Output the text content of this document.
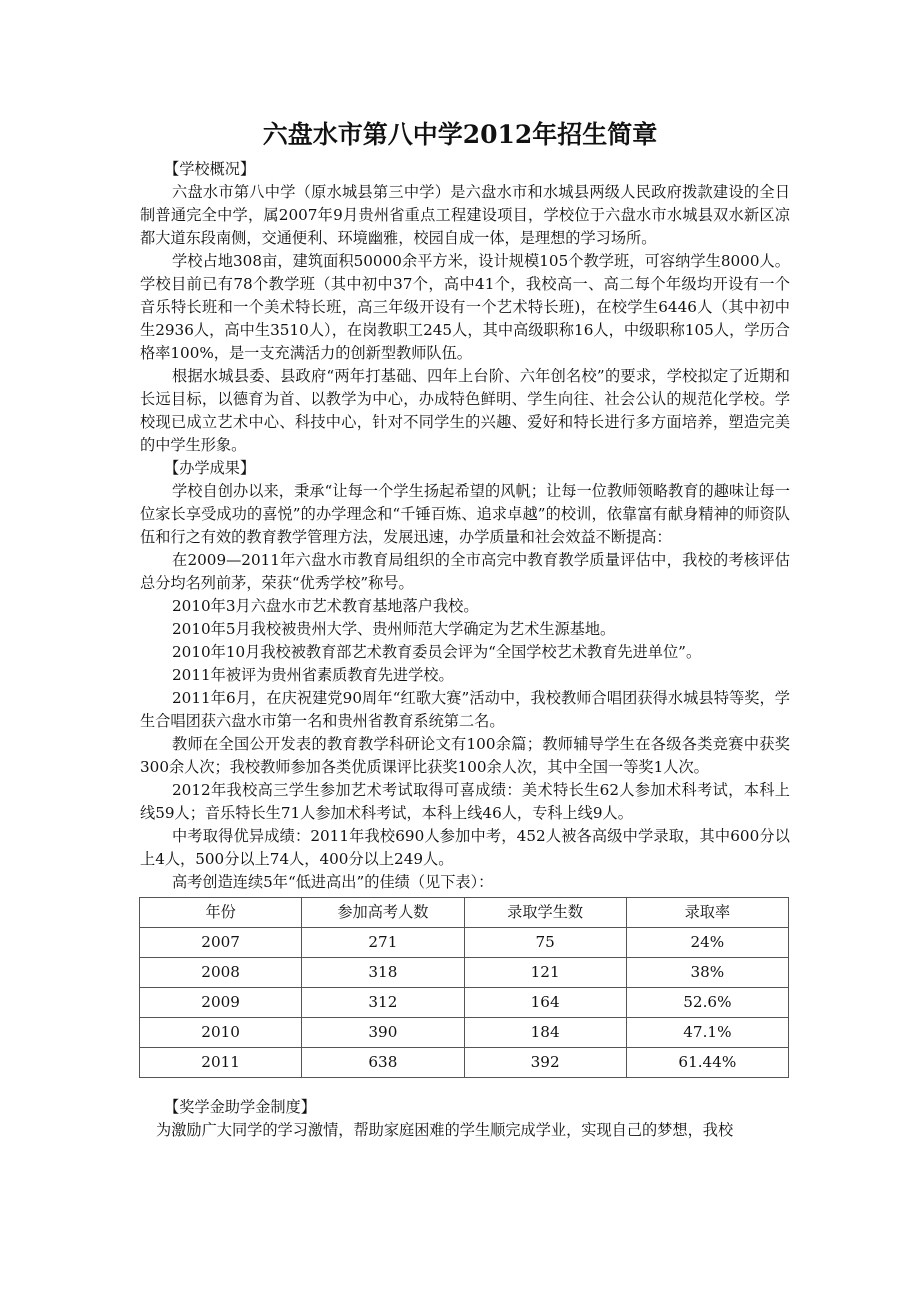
六盘水市第八中学2012年招生简章

【学校概况】

六盘水市第八中学（原水城县第三中学）是六盘水市和水城县两级人民政府拨款建设的全日制普通完全中学，属2007年9月贵州省重点工程建设项目，学校位于六盘水市水城县双水新区凉都大道东段南侧，交通便利、环境幽雅，校园自成一体，是理想的学习场所。

学校占地308亩，建筑面积50000余平方米，设计规模105个教学班，可容纳学生8000人。学校目前已有78个教学班（其中初中37个，高中41个，我校高一、高二每个年级均开设有一个音乐特长班和一个美术特长班，高三年级开设有一个艺术特长班)，在校学生6446人（其中初中生2936人，高中生3510人），在岗教职工245人，其中高级职称16人，中级职称105人，学历合格率100%，是一支充满活力的创新型教师队伍。

根据水城县委、县政府“两年打基础、四年上台阶、六年创名校”的要求，学校拟定了近期和长远目标，以德育为首、以教学为中心，办成特色鲜明、学生向往、社会公认的规范化学校。学校现已成立艺术中心、科技中心，针对不同学生的兴趣、爱好和特长进行多方面培养，塑造完美的中学生形象。

【办学成果】

学校自创办以来，秉承“让每一个学生扬起希望的风帆；让每一位教师领略教育的趣味让每一位家长享受成功的喜悦”的办学理念和“千锤百炼、追求卓越”的校训，依靠富有献身精神的师资队伍和行之有效的教育教学管理方法，发展迅速，办学质量和社会效益不断提高：

在2009—2011年六盘水市教育局组织的全市高完中教育教学质量评估中，我校的考核评估总分均名列前茅，荣获“优秀学校”称号。

2010年3月六盘水市艺术教育基地落户我校。

2010年5月我校被贵州大学、贵州师范大学确定为艺术生源基地。

2010年10月我校被教育部艺术教育委员会评为“全国学校艺术教育先进单位”。

2011年被评为贵州省素质教育先进学校。

2011年6月，在庆祝建党90周年“红歌大赛”活动中，我校教师合唱团获得水城县特等奖，学生合唱团获六盘水市第一名和贵州省教育系统第二名。

教师在全国公开发表的教育教学科研论文有100余篇；教师辅导学生在各级各类竞赛中获奖300余人次；我校教师参加各类优质课评比获奖100余人次，其中全国一等奖1人次。

2012年我校高三学生参加艺术考试取得可喜成绩：美术特长生62人参加术科考试，本科上线59人；音乐特长生71人参加术科考试，本科上线46人，专科上线9人。

中考取得优异成绩：2011年我校690人参加中考，452人被各高级中学录取，其中600分以上4人，500分以上74人，400分以上249人。

高考创造连续5年“低进高出”的佳绩（见下表）：

年份	参加高考人数	录取学生数	录取率
2007	271	75	24%
2008	318	121	38%
2009	312	164	52.6%
2010	390	184	47.1%
2011	638	392	61.44%

【奖学金助学金制度】

为激励广大同学的学习激情，帮助家庭困难的学生顺完成学业，实现自己的梦想，我校
